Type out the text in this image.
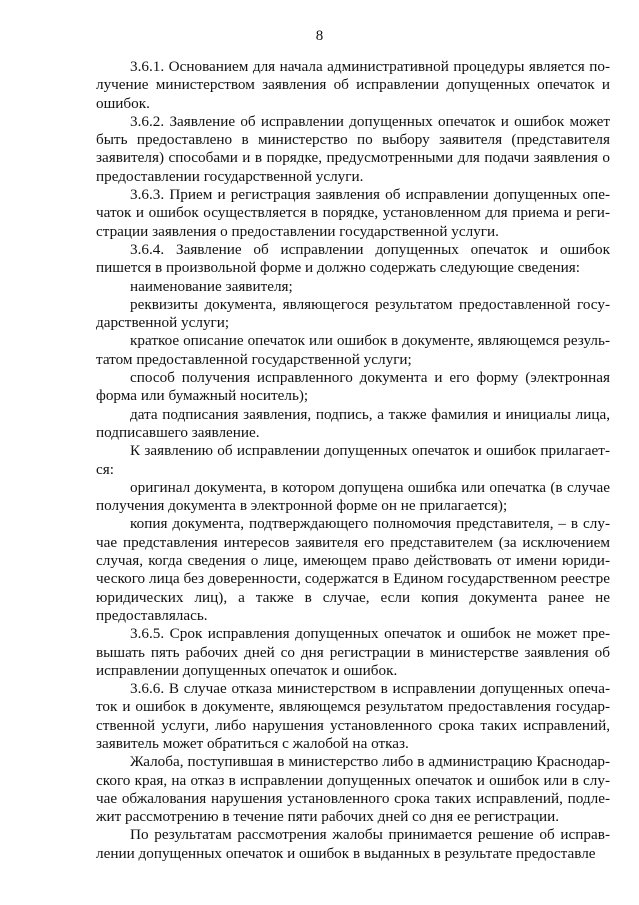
8

3.6.1. Основанием для начала административной процедуры является получение министерством заявления об исправлении допущенных опечаток и ошибок.

3.6.2. Заявление об исправлении допущенных опечаток и ошибок может быть предоставлено в министерство по выбору заявителя (представителя заявителя) способами и в порядке, предусмотренными для подачи заявления о предоставлении государственной услуги.

3.6.3. Прием и регистрация заявления об исправлении допущенных опечаток и ошибок осуществляется в порядке, установленном для приема и регистрации заявления о предоставлении государственной услуги.

3.6.4. Заявление об исправлении допущенных опечаток и ошибок пишется в произвольной форме и должно содержать следующие сведения:

наименование заявителя;

реквизиты документа, являющегося результатом предоставленной государственной услуги;

краткое описание опечаток или ошибок в документе, являющемся результатом предоставленной государственной услуги;

способ получения исправленного документа и его форму (электронная форма или бумажный носитель);

дата подписания заявления, подпись, а также фамилия и инициалы лица, подписавшего заявление.

К заявлению об исправлении допущенных опечаток и ошибок прилагается:

оригинал документа, в котором допущена ошибка или опечатка (в случае получения документа в электронной форме он не прилагается);

копия документа, подтверждающего полномочия представителя, – в случае представления интересов заявителя его представителем (за исключением случая, когда сведения о лице, имеющем право действовать от имени юридического лица без доверенности, содержатся в Едином государственном реестре юридических лиц), а также в случае, если копия документа ранее не предоставлялась.

3.6.5. Срок исправления допущенных опечаток и ошибок не может превышать пять рабочих дней со дня регистрации в министерстве заявления об исправлении допущенных опечаток и ошибок.

3.6.6. В случае отказа министерством в исправлении допущенных опечаток и ошибок в документе, являющемся результатом предоставления государственной услуги, либо нарушения установленного срока таких исправлений, заявитель может обратиться с жалобой на отказ.

Жалоба, поступившая в министерство либо в администрацию Краснодарского края, на отказ в исправлении допущенных опечаток и ошибок или в случае обжалования нарушения установленного срока таких исправлений, подлежит рассмотрению в течение пяти рабочих дней со дня ее регистрации.

По результатам рассмотрения жалобы принимается решение об исправлении допущенных опечаток и ошибок в выданных в результате предоставле
